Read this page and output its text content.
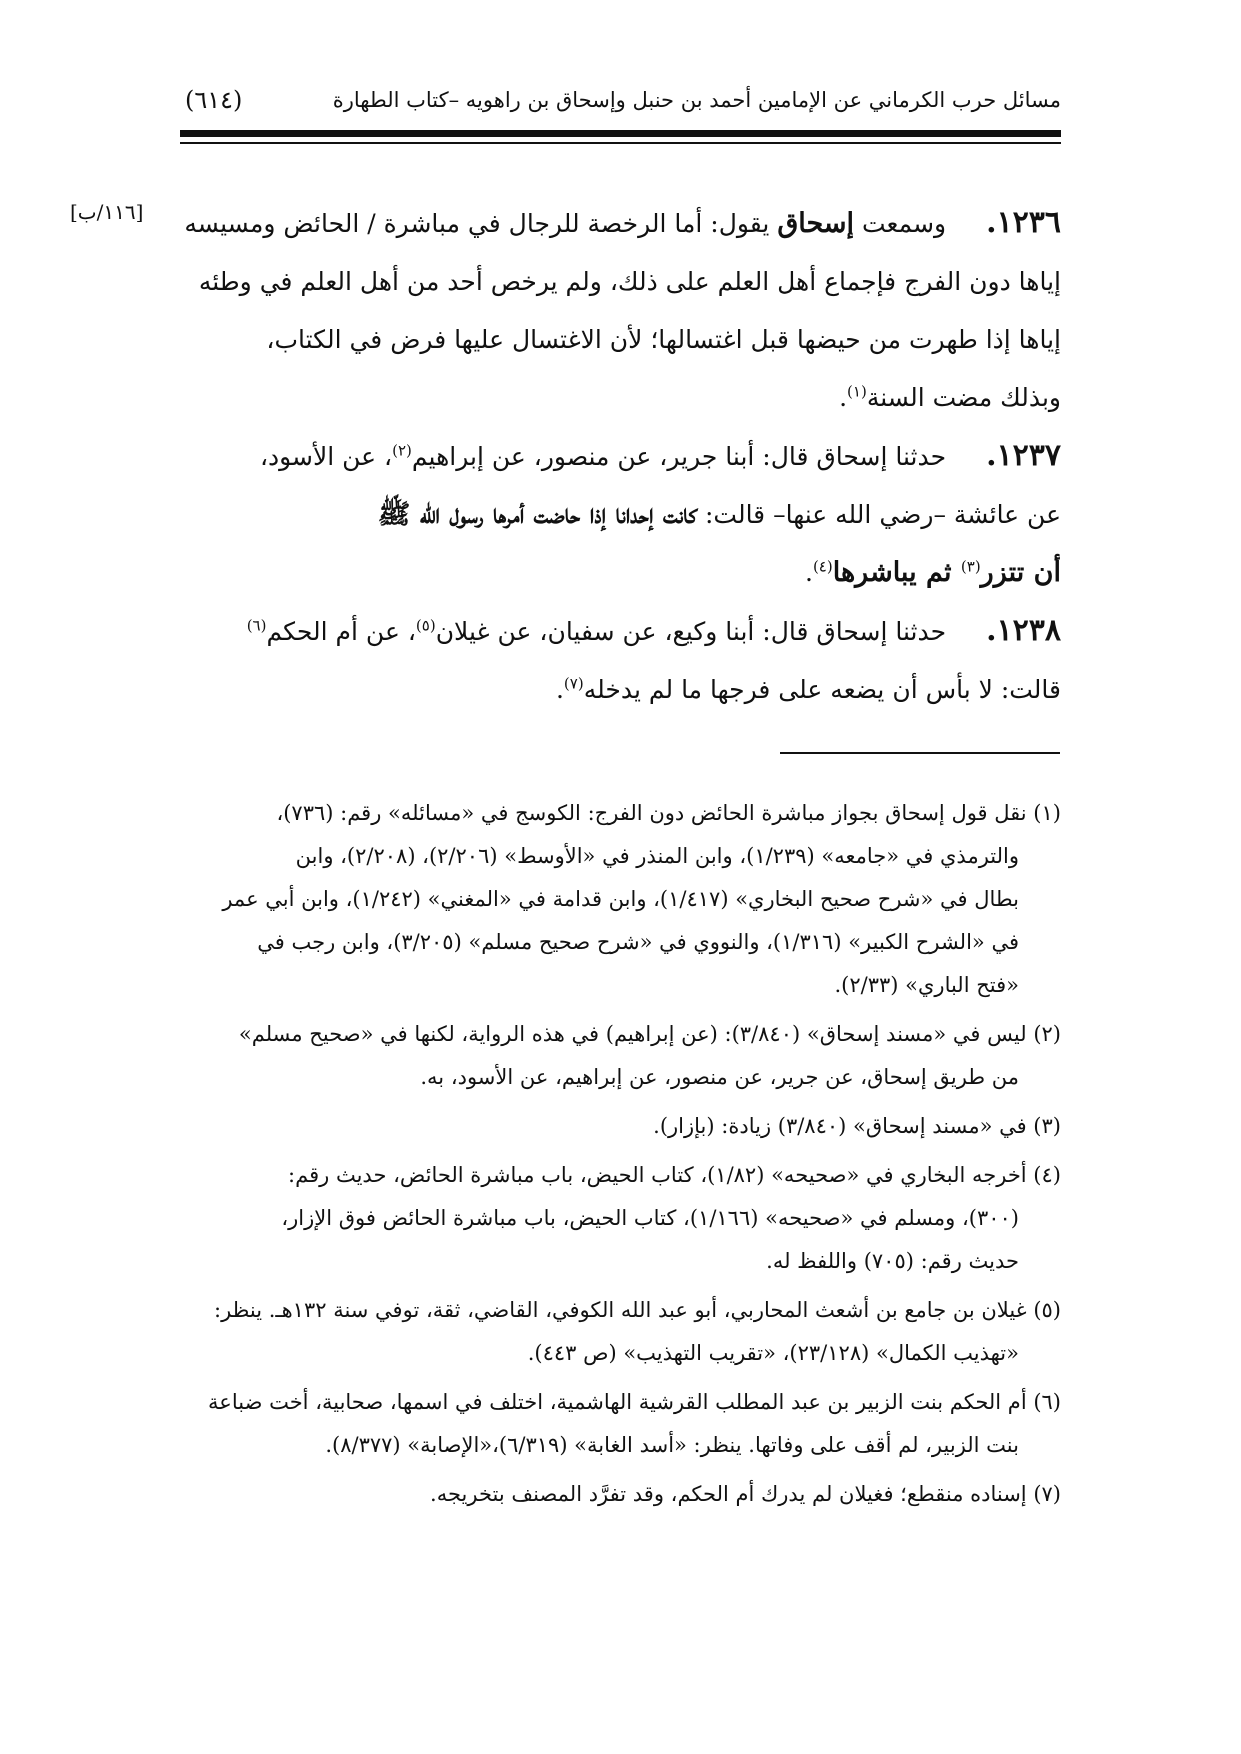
مسائل حرب الكرماني عن الإمامين أحمد بن حنبل وإسحاق بن راهويه –كتاب الطهارة
(٦١٤)
[١١٦/ب]	١٢٣٦.وسمعت إسحاق يقول: أما الرخصة للرجال في مباشرة / الحائض ومسيسه
إياها دون الفرج فإجماع أهل العلم على ذلك، ولم يرخص أحد من أهل العلم في وطئه
إياها إذا طهرت من حيضها قبل اغتسالها؛ لأن الاغتسال عليها فرض في الكتاب،
وبذلك مضت السنة$^{(١)}$.
١٢٣٧.حدثنا إسحاق قال: أبنا جرير، عن منصور، عن إبراهيم$^{(٢)}$، عن الأسود،
عن عائشة –رضي الله عنها– قالت: كانت إحدانا إذا حاضت أمرها رسول الله ﷺ
أن تتزر$^{(٣)}$ ثم يباشرها$^{(٤)}$.
١٢٣٨.حدثنا إسحاق قال: أبنا وكيع، عن سفيان، عن غيلان$^{(٥)}$، عن أم الحكم$^{(٦)}$
قالت: لا بأس أن يضعه على فرجها ما لم يدخله$^{(٧)}$.
(١) نقل قول إسحاق بجواز مباشرة الحائض دون الفرج: الكوسج في «مسائله» رقم: (٧٣٦)،
والترمذي في «جامعه» (١/٢٣٩)، وابن المنذر في «الأوسط» (٢/٢٠٦)، (٢/٢٠٨)، وابن
بطال في «شرح صحيح البخاري» (١/٤١٧)، وابن قدامة في «المغني» (١/٢٤٢)، وابن أبي عمر
في «الشرح الكبير» (١/٣١٦)، والنووي في «شرح صحيح مسلم» (٣/٢٠٥)، وابن رجب في
«فتح الباري» (٢/٣٣).
(٢) ليس في «مسند إسحاق» (٣/٨٤٠): (عن إبراهيم) في هذه الرواية، لكنها في «صحيح مسلم»
من طريق إسحاق، عن جرير، عن منصور، عن إبراهيم، عن الأسود، به.
(٣) في «مسند إسحاق» (٣/٨٤٠) زيادة: (بإزار).
(٤) أخرجه البخاري في «صحيحه» (١/٨٢)، كتاب الحيض، باب مباشرة الحائض، حديث رقم:
(٣٠٠)، ومسلم في «صحيحه» (١/١٦٦)، كتاب الحيض، باب مباشرة الحائض فوق الإزار،
حديث رقم: (٧٠٥) واللفظ له.
(٥) غيلان بن جامع بن أشعث المحاربي، أبو عبد الله الكوفي، القاضي، ثقة، توفي سنة ١٣٢هـ. ينظر:
«تهذيب الكمال» (٢٣/١٢٨)، «تقريب التهذيب» (ص ٤٤٣).
(٦) أم الحكم بنت الزبير بن عبد المطلب القرشية الهاشمية، اختلف في اسمها، صحابية، أخت ضباعة
بنت الزبير، لم أقف على وفاتها. ينظر: «أسد الغابة» (٦/٣١٩)،«الإصابة» (٨/٣٧٧).
(٧) إسناده منقطع؛ فغيلان لم يدرك أم الحكم، وقد تفرَّد المصنف بتخريجه.
